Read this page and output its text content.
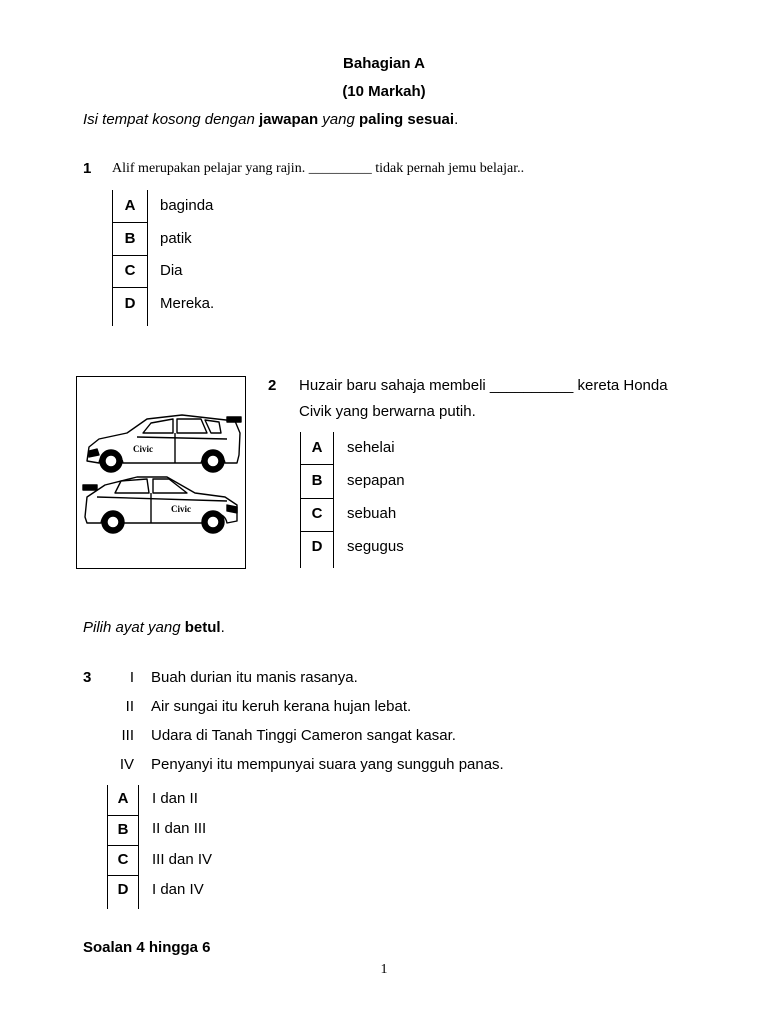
Bahagian A
(10 Markah)
Isi tempat kosong dengan jawapan yang paling sesuai.
1 Alif merupakan pelajar yang rajin. _________ tidak pernah jemu belajar..
A
B
C
D
baginda
patik
Dia
Mereka.
Civic
Civic
2 Huzair baru sahaja membeli __________ kereta Honda
Civik yang berwarna putih.
A
B
C
D
sehelai
sepapan
sebuah
segugus
Pilih ayat yang betul.
3	I Buah durian itu manis rasanya.
II Air sungai itu keruh kerana hujan lebat.
III Udara di Tanah Tinggi Cameron sangat kasar.
IV Penyanyi itu mempunyai suara yang sungguh panas.
A
B
C
D
I dan II
II dan III
III dan IV
I dan IV
Soalan 4 hingga 6
1
